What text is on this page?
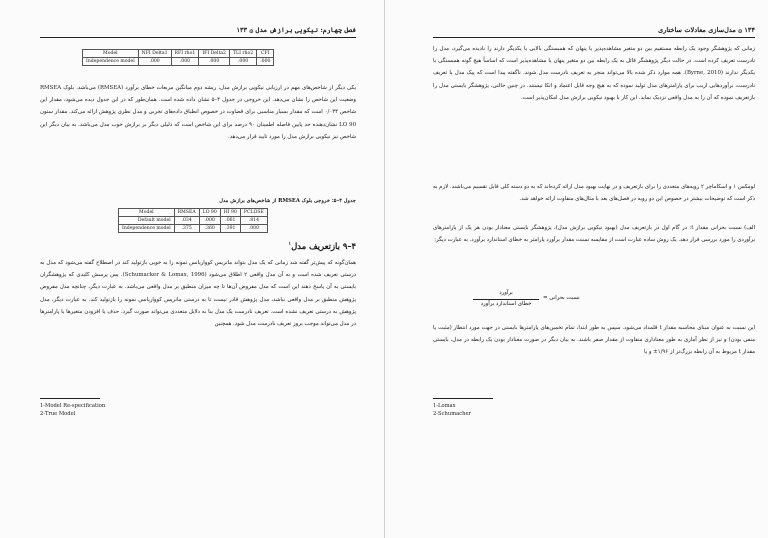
فصل چهارم: نیکویی برازش مدل ۞ ۱۳۳
Model	NFI Delta1	RFI rho1	IFI Delta2	TLI rho2	CFI
Independence model	.000	.000	.000	.000	.000
یکی دیگر از شاخص‌های مهم در ارزیابی نیکویی برازش مدل، ریشه دوم میانگین مربعات خطای برآورد (RMSEA) می‌باشد. بلوک RMSEA وضعیت این شاخص را نشان می‌دهد. این خروجی در جدول ۴–۵ نشان داده شده است. همان‌طور که در این جدول دیده می‌شود، مقدار این شاخص ۰/۰۳۴ است که مقدار بسیار مناسبی برای قضاوت در خصوص انطباق داده‌های تجربی و مدل نظری پژوهش ارائه می‌کند. مقدار ستون LO 90 نشان‌دهنده حد پایین فاصله اطمینان ۹۰ درصد برای این شاخص است که دلیلی دیگر بر برازش خوب مدل می‌باشد. به بیان دیگر این شاخص نیز نیکویی برازش مدل را مورد تایید قرار می‌دهد.
جدول ۴–۵: خروجی بلوک RMSEA از شاخص‌های برازش مدل
Model	RMSEA	LO 90	HI 90	PCLOSE
Default model	.034	.000	.061	.814
Independence model	.375	.360	.391	.000
۴–۹ بازتعریف مدل$^۱$
همان‌گونه که پیش‌تر گفته شد زمانی که یک مدل بتواند ماتریس کوواریانس نمونه را به خوبی بازتولید کند در اصطلاح گفته می‌شود که مدل به درستی تعریف شده است و به آن مدل واقعی ۲ اطلاق می‌شود (Schumacker & Lomax, 1996). پس پرسش کلیدی که پژوهشگران بایستی به آن پاسخ دهند این است که مدل مفروض آن‌ها تا چه میزان منطبق بر مدل واقعی می‌باشد. به عبارت دیگر، چنانچه مدل مفروض پژوهش منطبق بر مدل واقعی نباشد، مدل پژوهش قادر نیست تا به درستی ماتریس کوواریانس نمونه را بازتولید کند. به عبارت دیگر، مدل پژوهش به درستی تعریف نشده است. تعریف نادرست یک مدل بنا به دلایل متعددی می‌تواند صورت گیرد. حذف یا افزودن متغیرها یا پارامترها در مدل می‌تواند موجب بروز تعریف نادرست مدل شود. همچنین
1-Model Re-specification
2-True Model
۱۳۴ ۞ مدل‌سازی معادلات ساختاری
زمانی که پژوهشگر وجود یک رابطه مستقیم بین دو متغیر مشاهده‌پذیر یا پنهان که همبستگی بالایی با یکدیگر دارند را نادیده می‌گیرد، مدل را نادرست تعریف کرده است. در حالت دیگر پژوهشگر قائل به یک رابطه بین دو متغیر پنهان یا مشاهده‌پذیر است که اساساً هیچ گونه همبستگی با یکدیگر ندارند (Byrne, 2010). همه موارد ذکر شده بالا می‌تواند منجر به تعریف نادرست مدل شوند. ناگفته پیدا است که پیک مدل با تعریف نادرست، برآوردهایی اریب برای پارامترهای مدل تولید نموده که به هیچ وجه قابل اعتماد و اتکا نیستند. در چنین حالتی، پژوهشگر بایستی مدل را بازتعریف نموده که آن را به مدل واقعی نزدیک نماید. این کار با بهبود نیکویی برازش مدل امکان‌پذیر است.
لومکس ۱ و اسکاماچر ۲ رویه‌های متعددی را برای بازتعریف و در نهایت بهبود مدل ارائه کرده‌اند که به دو دسته کلی قابل تقسیم می‌باشند. لازم به ذکر است که توضیحات بیشتر در خصوص این دو رویه در فصل‌های بعد با مثال‌های متفاوت ارائه خواهد شد.
الف) نسبت بحرانی مقدار t: در گام اول در بازتعریف مدل (بهبود نیکویی برازش مدل)، پژوهشگر بایستی معنادار بودن هر یک از پارامترهای برآوردی را مورد بررسی قرار دهد. یک روش ساده عبارت است از مقایسه نسبت مقدار برآورد پارامتر به خطای استاندارد برآورد. به عبارت دیگر:
برآورد
خطای استاندارد برآورد
نسبت بحرانی =
این نسبت به عنوان مبنای محاسبه مقدار t قلمداد می‌شود. سپس به طور ابتدا، تمام تخمین‌های پارامترها بایستی در جهت مورد انتظار (مثبت یا منفی بودن) و نیز از نظر آماری به طور معناداری متفاوت از مقدار صفر باشند. به بیان دیگر در صورت معنادار بودن یک رابطه در مدل، بایستی مقدار t مربوط به آن رابطه بزرگ‌تر از ۱/۹۶± و یا
1-Lomax
2-Schumacher
